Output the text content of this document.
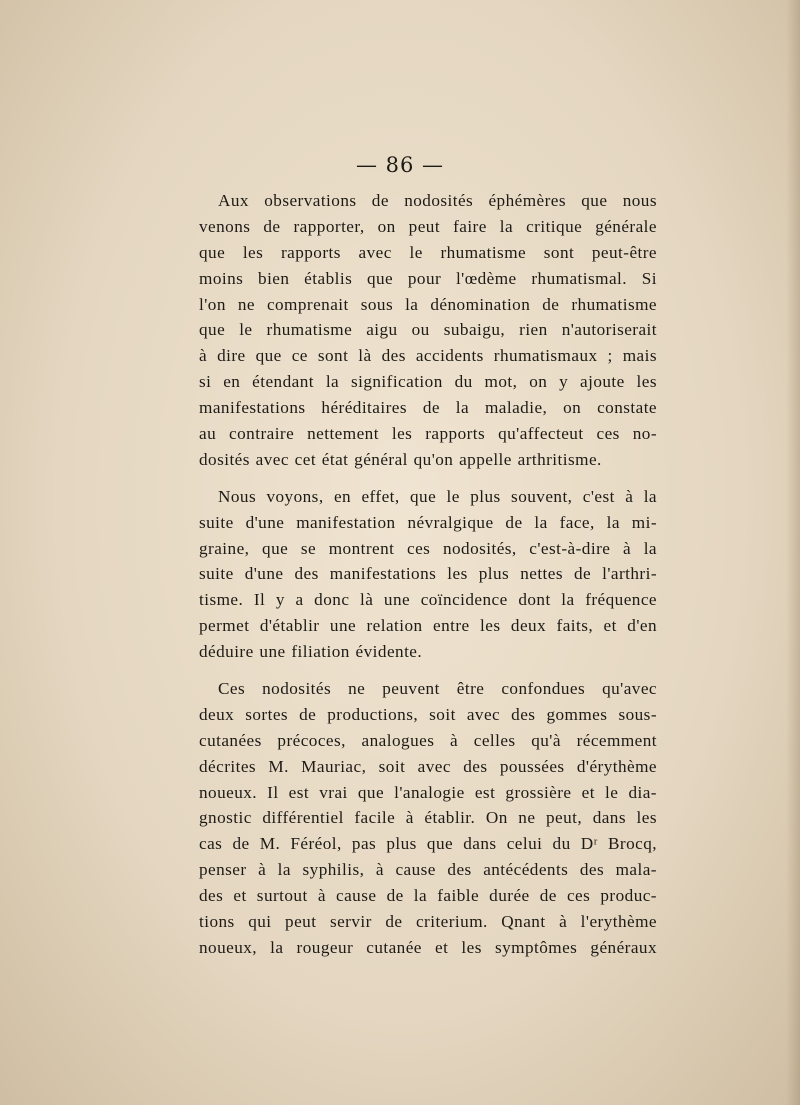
— 86 —
Aux observations de nodosités éphémères que nous
venons de rapporter, on peut faire la critique générale
que les rapports avec le rhumatisme sont peut-être
moins bien établis que pour l'œdème rhumatismal. Si
l'on ne comprenait sous la dénomination de rhumatisme
que le rhumatisme aigu ou subaigu, rien n'autoriserait
à dire que ce sont là des accidents rhumatismaux ; mais
si en étendant la signification du mot, on y ajoute les
manifestations héréditaires de la maladie, on constate
au contraire nettement les rapports qu'affecteut ces no-
dosités avec cet état général qu'on appelle arthritisme.
Nous voyons, en effet, que le plus souvent, c'est à la
suite d'une manifestation névralgique de la face, la mi-
graine, que se montrent ces nodosités, c'est-à-dire à la
suite d'une des manifestations les plus nettes de l'arthri-
tisme. Il y a donc là une coïncidence dont la fréquence
permet d'établir une relation entre les deux faits, et d'en
déduire une filiation évidente.
Ces nodosités ne peuvent être confondues qu'avec
deux sortes de productions, soit avec des gommes sous-
cutanées précoces, analogues à celles qu'à récemment
décrites M. Mauriac, soit avec des poussées d'érythème
noueux. Il est vrai que l'analogie est grossière et le dia-
gnostic différentiel facile à établir. On ne peut, dans les
cas de M. Féréol, pas plus que dans celui du Dʳ Brocq,
penser à la syphilis, à cause des antécédents des mala-
des et surtout à cause de la faible durée de ces produc-
tions qui peut servir de criterium. Qnant à l'erythème
noueux, la rougeur cutanée et les symptômes généraux
